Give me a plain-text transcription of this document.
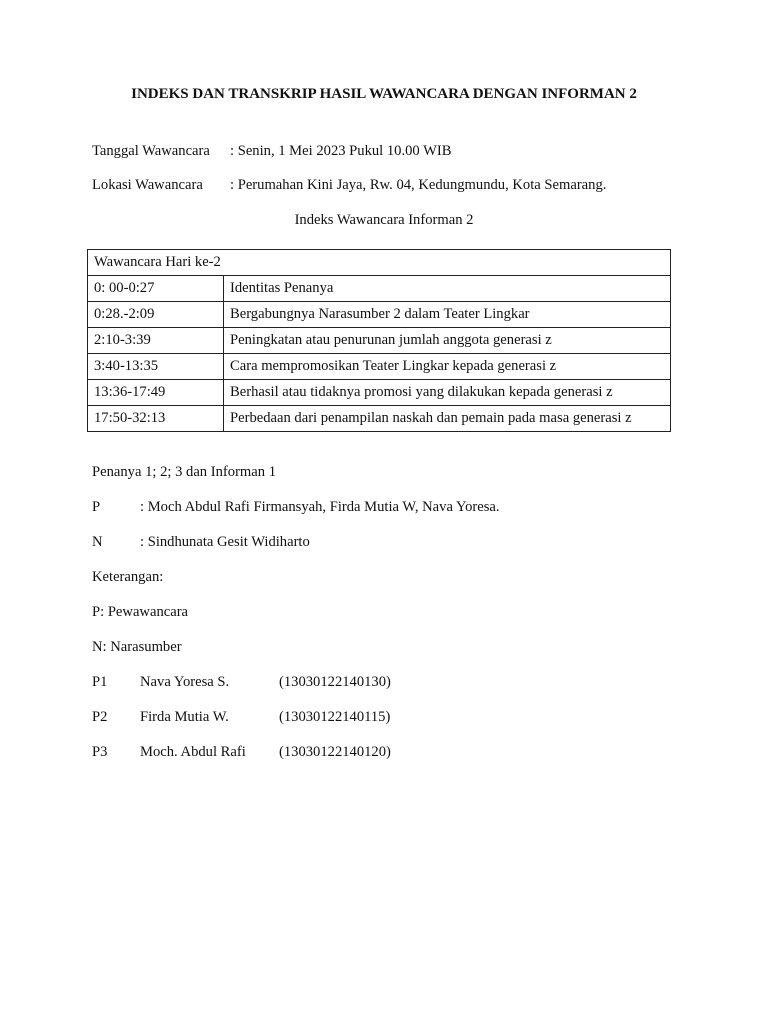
INDEKS DAN TRANSKRIP HASIL WAWANCARA DENGAN INFORMAN 2
Tanggal Wawancara : Senin, 1 Mei 2023 Pukul 10.00 WIB
Lokasi Wawancara : Perumahan Kini Jaya, Rw. 04, Kedungmundu, Kota Semarang.
Indeks Wawancara Informan 2
Wawancara Hari ke-2	
0: 00-0:27	Identitas Penanya
0:28.-2:09	Bergabungnya Narasumber 2 dalam Teater Lingkar
2:10-3:39	Peningkatan atau penurunan jumlah anggota generasi z
3:40-13:35	Cara mempromosikan Teater Lingkar kepada generasi z
13:36-17:49	Berhasil atau tidaknya promosi yang dilakukan kepada generasi z
17:50-32:13	Perbedaan dari penampilan naskah dan pemain pada masa generasi z
Penanya 1; 2; 3 dan Informan 1
P	: Moch Abdul Rafi Firmansyah, Firda Mutia W, Nava Yoresa.
N	: Sindhunata Gesit Widiharto
Keterangan:
P: Pewawancara
N: Narasumber
P1 Nava Yoresa S.	(13030122140130)
P2 Firda Mutia W.	(13030122140115)
P3 Moch. Abdul Rafi (13030122140120)
